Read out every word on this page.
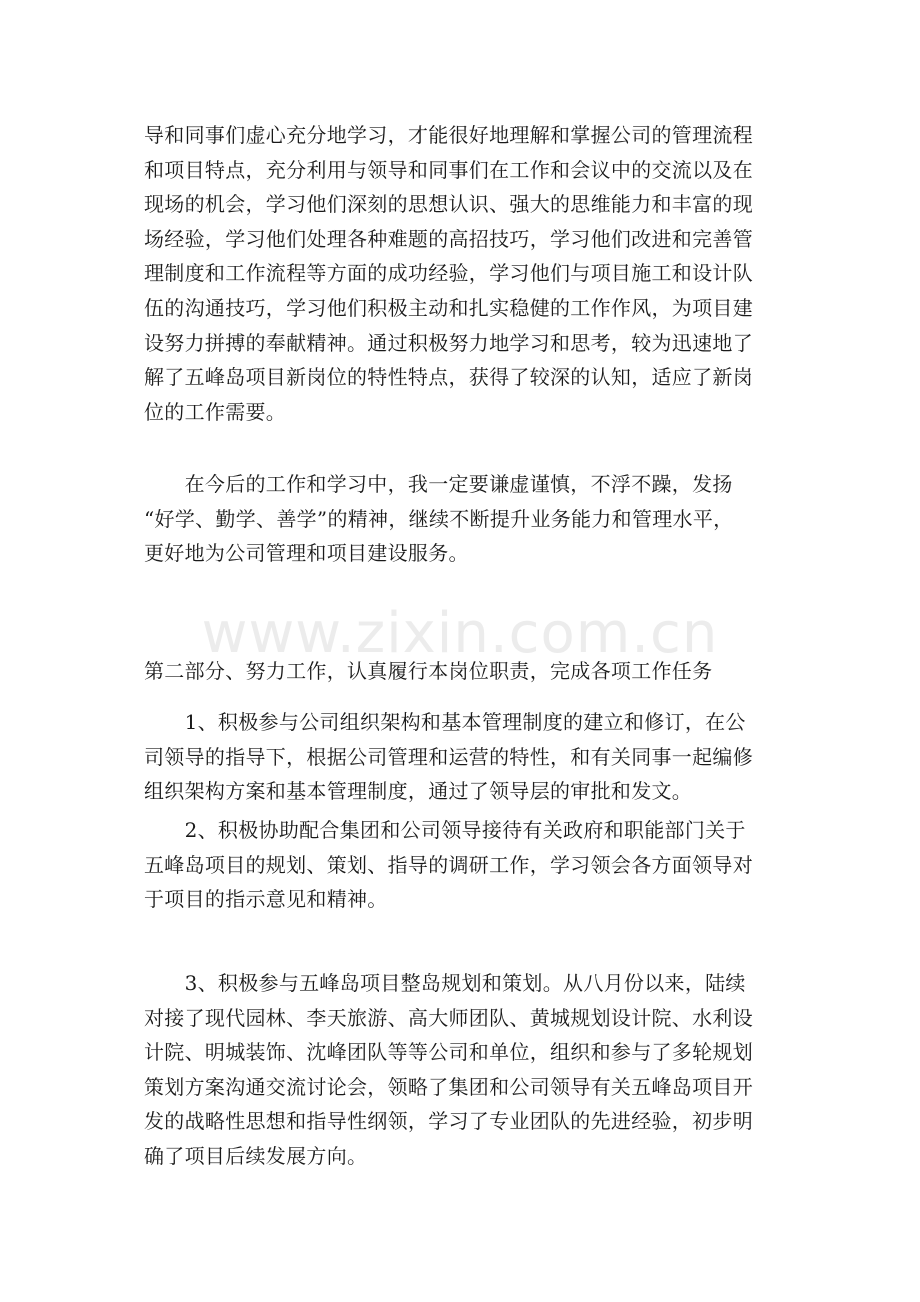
导和同事们虚心充分地学习，才能很好地理解和掌握公司的管理流程
和项目特点，充分利用与领导和同事们在工作和会议中的交流以及在
现场的机会，学习他们深刻的思想认识、强大的思维能力和丰富的现
场经验，学习他们处理各种难题的高招技巧，学习他们改进和完善管
理制度和工作流程等方面的成功经验，学习他们与项目施工和设计队
伍的沟通技巧，学习他们积极主动和扎实稳健的工作作风，为项目建
设努力拼搏的奉献精神。通过积极努力地学习和思考，较为迅速地了
解了五峰岛项目新岗位的特性特点，获得了较深的认知，适应了新岗
位的工作需要。

　　在今后的工作和学习中，我一定要谦虚谨慎，不浮不躁，发扬
“好学、勤学、善学”的精神，继续不断提升业务能力和管理水平，
更好地为公司管理和项目建设服务。

www.zixin.com.cn
第二部分、努力工作，认真履行本岗位职责，完成各项工作任务

　　1、积极参与公司组织架构和基本管理制度的建立和修订，在公
司领导的指导下，根据公司管理和运营的特性，和有关同事一起编修
组织架构方案和基本管理制度，通过了领导层的审批和发文。

　　2、积极协助配合集团和公司领导接待有关政府和职能部门关于
五峰岛项目的规划、策划、指导的调研工作，学习领会各方面领导对
于项目的指示意见和精神。

　　3、积极参与五峰岛项目整岛规划和策划。从八月份以来，陆续
对接了现代园林、李天旅游、高大师团队、黄城规划设计院、水利设
计院、明城装饰、沈峰团队等等公司和单位，组织和参与了多轮规划
策划方案沟通交流讨论会，领略了集团和公司领导有关五峰岛项目开
发的战略性思想和指导性纲领，学习了专业团队的先进经验，初步明
确了项目后续发展方向。
